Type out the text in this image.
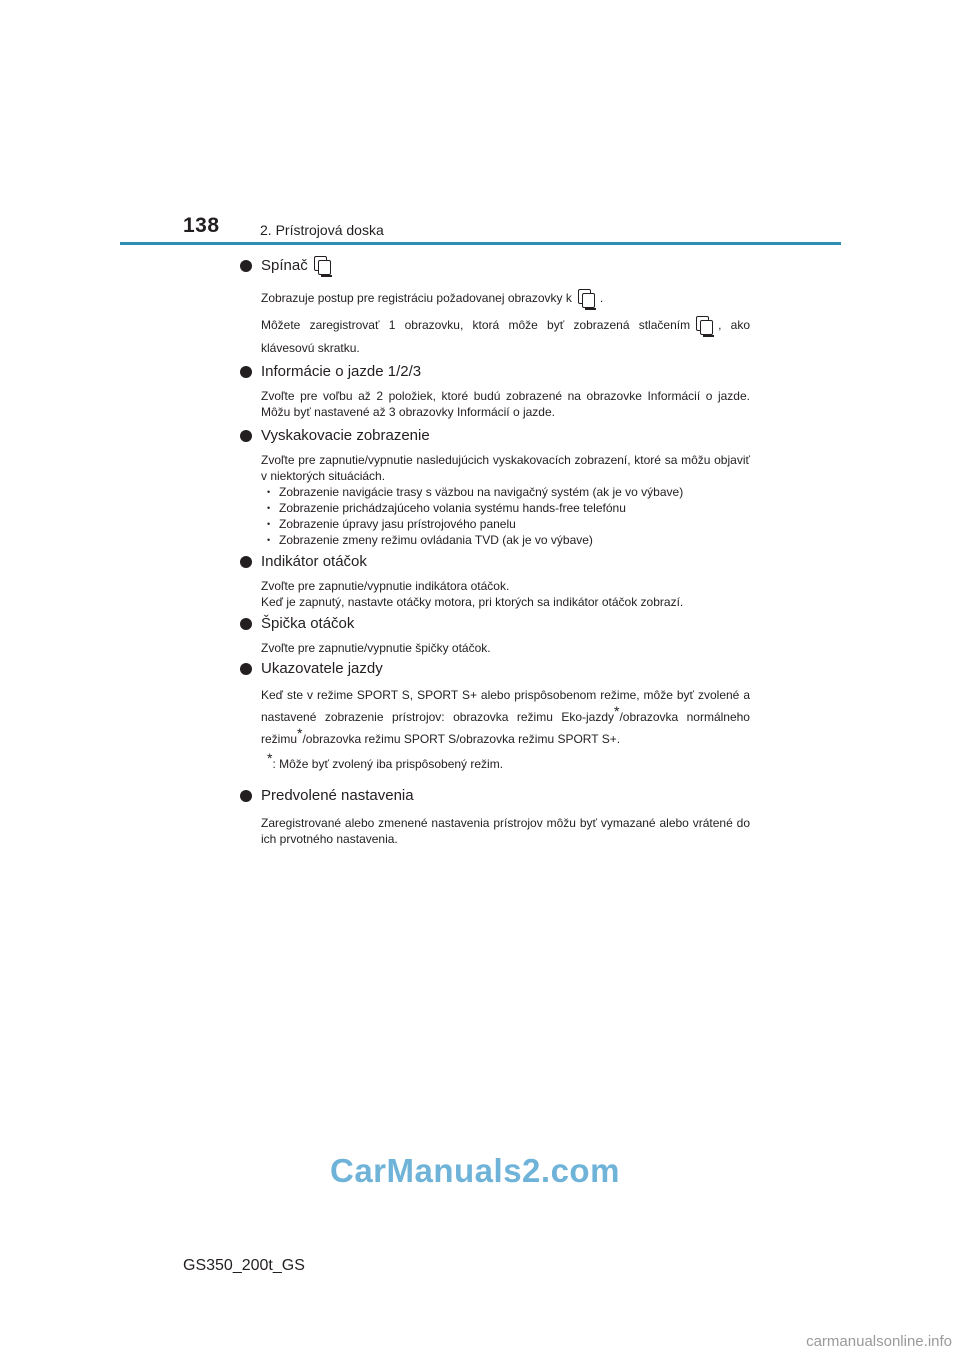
138	2. Prístrojová doska
Spínač

Zobrazuje postup pre registráciu požadovanej obrazovky k .

Môžete zaregistrovať 1 obrazovku, ktorá môže byť zobrazená stlačením , ako klávesovú skratku.

Informácie o jazde 1/2/3

Zvoľte pre voľbu až 2 položiek, ktoré budú zobrazené na obrazovke Informácií o jazde. Môžu byť nastavené až 3 obrazovky Informácií o jazde.

Vyskakovacie zobrazenie

Zvoľte pre zapnutie/vypnutie nasledujúcich vyskakovacích zobrazení, ktoré sa môžu objaviť v niektorých situáciách.

• Zobrazenie navigácie trasy s väzbou na navigačný systém (ak je vo výbave)
• Zobrazenie prichádzajúceho volania systému hands-free telefónu
• Zobrazenie úpravy jasu prístrojového panelu
• Zobrazenie zmeny režimu ovládania TVD (ak je vo výbave)
Indikátor otáčok

Zvoľte pre zapnutie/vypnutie indikátora otáčok.

Keď je zapnutý, nastavte otáčky motora, pri ktorých sa indikátor otáčok zobrazí.

Špička otáčok

Zvoľte pre zapnutie/vypnutie špičky otáčok.

Ukazovatele jazdy

Keď ste v režime SPORT S, SPORT S+ alebo prispôsobenom režime, môže byť zvolené a nastavené zobrazenie prístrojov: obrazovka režimu Eko-jazdy*/obrazovka normálneho režimu*/obrazovka režimu SPORT S/obrazovka režimu SPORT S+.

*: Môže byť zvolený iba prispôsobený režim.

Predvolené nastavenia

Zaregistrované alebo zmenené nastavenia prístrojov môžu byť vymazané alebo vrátené do ich prvotného nastavenia.

CarManuals2.com
GS350_200t_GS
carmanualsonline.info
